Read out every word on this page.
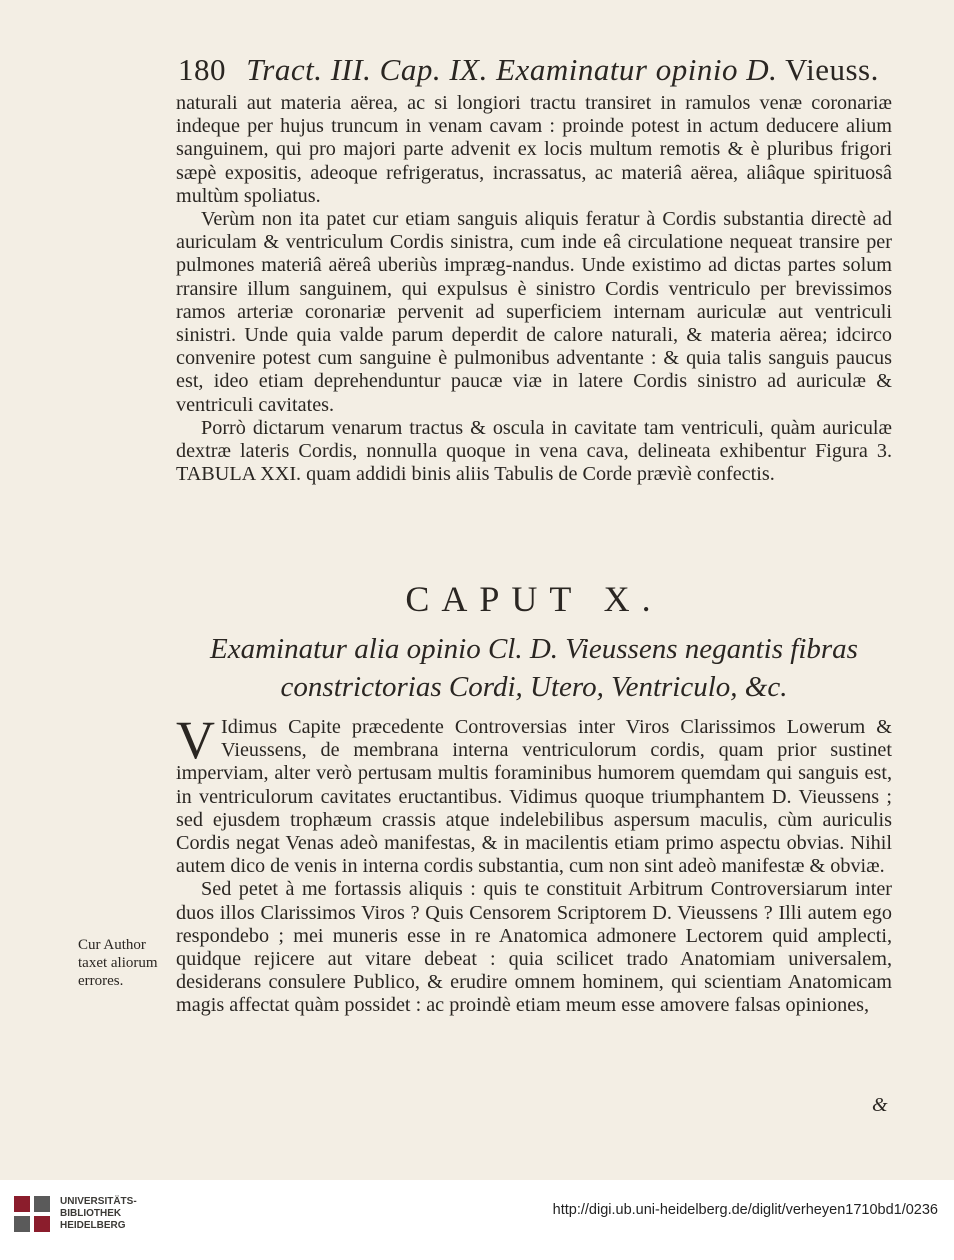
180 Tract. III. Cap. IX. Examinatur opinio D. Vieuss.

naturali aut materia aërea, ac si longiori tractu transiret in ramulos venæ coronariæ indeque per hujus truncum in venam cavam : proinde potest in actum deducere alium sanguinem, qui pro majori parte advenit ex locis multum remotis & è pluribus frigori sæpè expositis, adeoque refrigeratus, incrassatus, ac materiâ aërea, aliâque spirituosâ multùm spoliatus.

Verùm non ita patet cur etiam sanguis aliquis feratur à Cordis substantia directè ad auriculam & ventriculum Cordis sinistra, cum inde eâ circulatione nequeat transire per pulmones materiâ aëreâ uberiùs impræg-nandus. Unde existimo ad dictas partes solum rransire illum sanguinem, qui expulsus è sinistro Cordis ventriculo per brevissimos ramos arteriæ coronariæ pervenit ad superficiem internam auriculæ aut ventriculi sinistri. Unde quia valde parum deperdit de calore naturali, & materia aërea; idcirco convenire potest cum sanguine è pulmonibus adventante : & quia talis sanguis paucus est, ideo etiam deprehenduntur paucæ viæ in latere Cordis sinistro ad auriculæ & ventriculi cavitates.

Porrò dictarum venarum tractus & oscula in cavitate tam ventriculi, quàm auriculæ dextræ lateris Cordis, nonnulla quoque in vena cava, delineata exhibentur Figura 3. TABULA XXI. quam addidi binis aliis Tabulis de Corde prævìè confectis.

CAPUT X.
Examinatur alia opinio Cl. D. Vieussens negantis fibras
constrictorias Cordi, Utero, Ventriculo, &c.

V Idimus Capite præcedente Controversias inter Viros Clarissimos Lowerum & Vieussens, de membrana interna ventriculorum cordis, quam prior sustinet imperviam, alter verò pertusam multis foraminibus humorem quemdam qui sanguis est, in ventriculorum cavitates eructantibus. Vidimus quoque triumphantem D. Vieussens ; sed ejusdem trophæum crassis atque indelebilibus aspersum maculis, cùm auriculis Cordis negat Venas adeò manifestas, & in macilentis etiam primo aspectu obvias. Nihil autem dico de venis in interna cordis substantia, cum non sint adeò manifestæ & obviæ.

Sed petet à me fortassis aliquis : quis te constituit Arbitrum Controversiarum inter duos illos Clarissimos Viros ? Quis Censorem Scriptorem D. Vieussens ? Illi autem ego respondebo ; mei muneris esse in re Anatomica admonere Lectorem quid amplecti, quidque rejicere aut vitare debeat : quia scilicet trado Anatomiam universalem, desiderans consulere Publico, & erudire omnem hominem, qui scientiam Anatomicam magis affectat quàm possidet : ac proindè etiam meum esse amovere falsas opiniones,

Cur Author taxet aliorum errores.
&
UNIVERSITÄTS-
BIBLIOTHEK
HEIDELBERG
http://digi.ub.uni-heidelberg.de/diglit/verheyen1710bd1/0236
